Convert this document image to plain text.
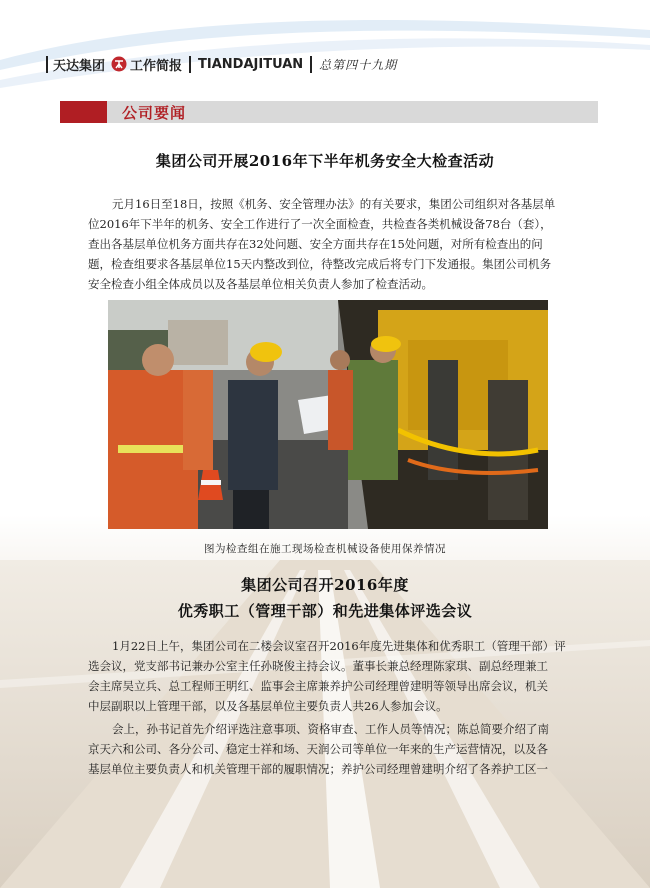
天达集团 工作简报 TIANDAJITUAN 总第四十九期
公司要闻
集团公司开展2016年下半年机务安全大检查活动
元月16日至18日，按照《机务、安全管理办法》的有关要求，集团公司组织对各基层单
位2016年下半年的机务、安全工作进行了一次全面检查，共检查各类机械设备78台（套），
查出各基层单位机务方面共存在32处问题、安全方面共存在15处问题，对所有检查出的问
题，检查组要求各基层单位15天内整改到位，待整改完成后将专门下发通报。集团公司机务
安全检查小组全体成员以及各基层单位相关负责人参加了检查活动。
图为检查组在施工现场检查机械设备使用保养情况
集团公司召开2016年度
优秀职工（管理干部）和先进集体评选会议
1月22日上午，集团公司在二楼会议室召开2016年度先进集体和优秀职工（管理干部）评
选会议，党支部书记兼办公室主任孙晓俊主持会议。董事长兼总经理陈家琪、副总经理兼工
会主席吴立兵、总工程师王明红、监事会主席兼养护公司经理曾建明等领导出席会议，机关
中层副职以上管理干部，以及各基层单位主要负责人共26人参加会议。
会上，孙书记首先介绍评选注意事项、资格审查、工作人员等情况；陈总简要介绍了南
京天六和公司、各分公司、稳定士祥和场、天润公司等单位一年来的生产运营情况，以及各
基层单位主要负责人和机关管理干部的履职情况；养护公司经理曾建明介绍了各养护工区一
